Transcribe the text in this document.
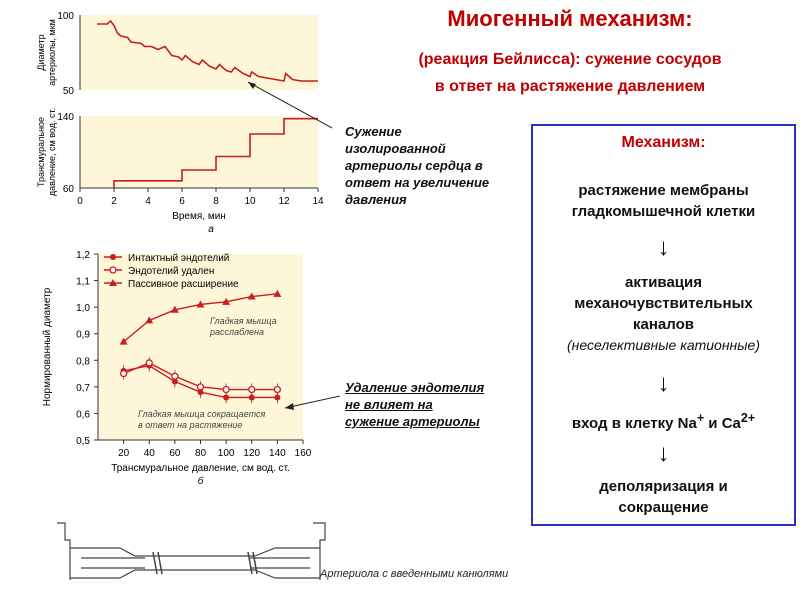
Миогенный механизм:
(реакция Бейлисса): сужение сосудов
в ответ на растяжение давлением
100
50
140
60
0	2	4	6	8	10 12 14
Время, мин
а
Диаметрартериолы, мкм
Трансмуральноедавление, см вод. ст.
1,2
1,1
1,0
0,9
0,8
0,7
0,6
0,5
20 40 60 80 100 120 140 160
Трансмуральное давление, см вод. ст.
б
Нормированный диаметр
Интактный эндотелий
Эндотелий удален
Пассивное расширение
Гладкая мышца расслаблена
Гладкая мышца сокращается в ответ на растяжение
Сужение
изолированной
артериолы сердца в
ответ на увеличение
давления
Удаление эндотелия
не влияет на
сужение артериолы
Механизм:
растяжение мембраны
гладкомышечной клетки
↓
активация
механочувствительных
каналов
(неселективные катионные)
↓
вход в клетку Na+ и $Ca^{2+}$
↓
деполяризация и
сокращение
Артериола с введенными канюлями
